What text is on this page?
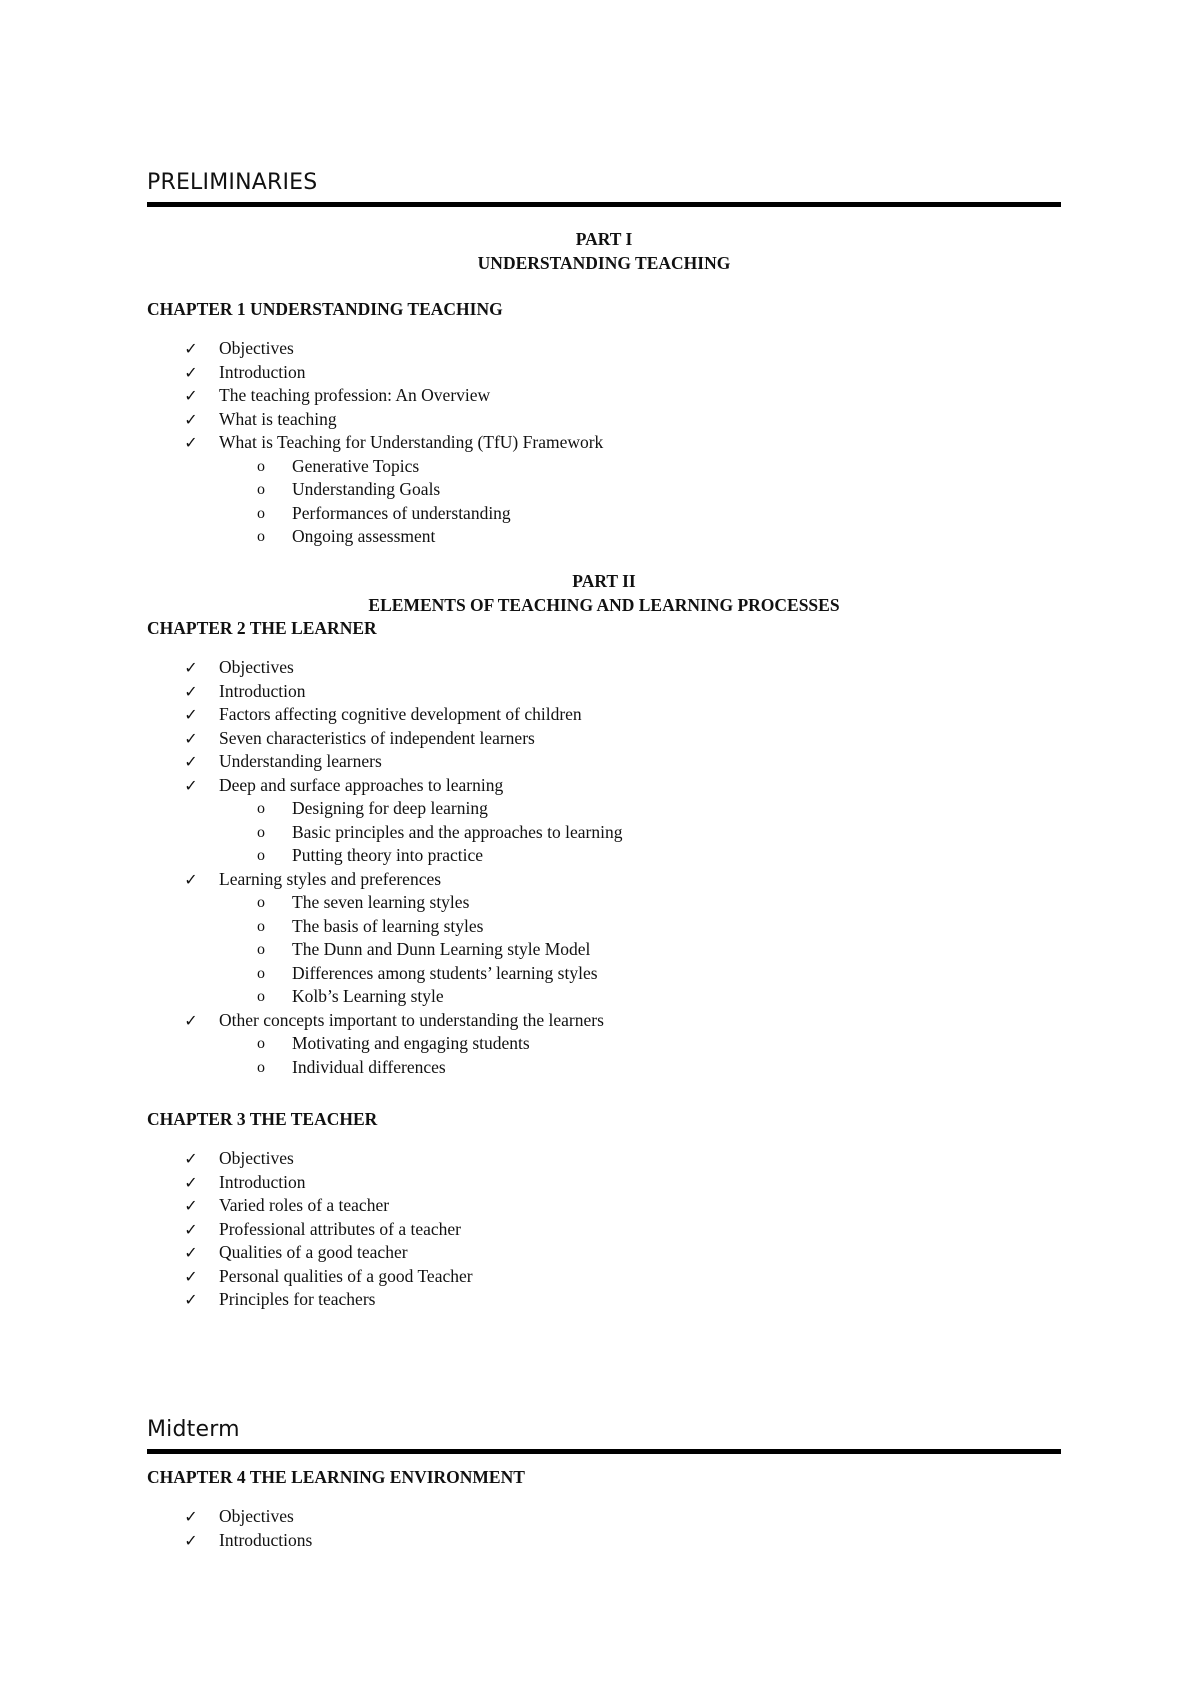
PRELIMINARIES
PART I
UNDERSTANDING TEACHING
CHAPTER 1 UNDERSTANDING TEACHING
✓ Objectives
✓ Introduction
✓ The teaching profession: An Overview
✓ What is teaching
✓ What is Teaching for Understanding (TfU) Framework
o Generative Topics
o Understanding Goals
o Performances of understanding
o Ongoing assessment
PART II
ELEMENTS OF TEACHING AND LEARNING PROCESSES
CHAPTER 2 THE LEARNER
✓ Objectives
✓ Introduction
✓ Factors affecting cognitive development of children
✓ Seven characteristics of independent learners
✓ Understanding learners
✓ Deep and surface approaches to learning
o Designing for deep learning
o Basic principles and the approaches to learning
o Putting theory into practice
✓ Learning styles and preferences
o The seven learning styles
o The basis of learning styles
o The Dunn and Dunn Learning style Model
o Differences among students’ learning styles
o Kolb’s Learning style
✓ Other concepts important to understanding the learners
o Motivating and engaging students
o Individual differences
CHAPTER 3 THE TEACHER
✓ Objectives
✓ Introduction
✓ Varied roles of a teacher
✓ Professional attributes of a teacher
✓ Qualities of a good teacher
✓ Personal qualities of a good Teacher
✓ Principles for teachers
Midterm
CHAPTER 4 THE LEARNING ENVIRONMENT
✓ Objectives
✓ Introductions
